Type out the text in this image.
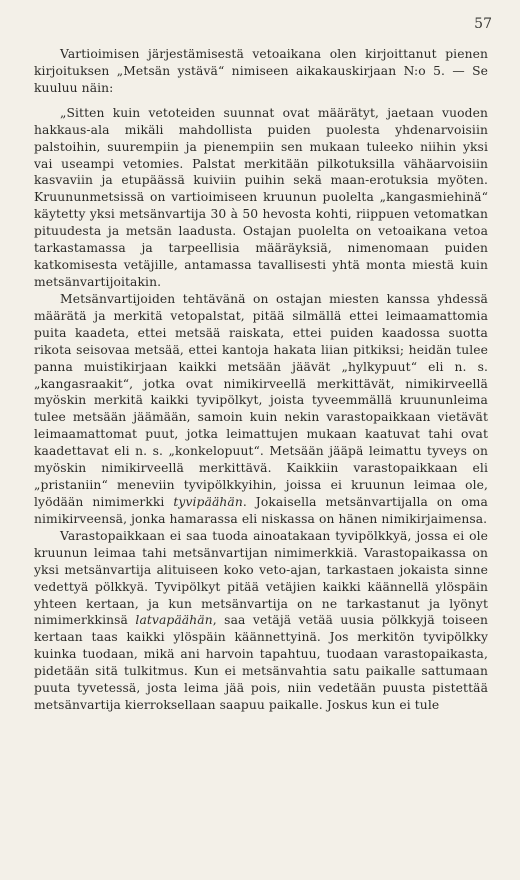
57

Vartioimisen järjestämisestä vetoaikana olen kirjoittanut pienen kirjoituksen „Metsän ystävä“ nimiseen aikakauskirjaan N:o 5. — Se kuuluu näin:

„Sitten kuin vetoteiden suunnat ovat määrätyt, jaetaan vuoden hakkaus-ala mikäli mahdollista puiden puolesta yhdenarvoisiin palstoihin, suurempiin ja pienempiin sen mukaan tuleeko niihin yksi vai useampi vetomies. Palstat merkitään pilkotuksilla vähäarvoisiin kasvaviin ja etupäässä kuiviin puihin sekä maan-erotuksia myöten. Kruununmetsissä on vartioimiseen kruunun puolelta „kangasmiehinä“ käytetty yksi metsänvartija 30 à 50 hevosta kohti, riippuen vetomatkan pituudesta ja metsän laadusta. Ostajan puolelta on vetoaikana vetoa tarkastamassa ja tarpeellisia määräyksiä, nimenomaan puiden katkomisesta vetäjille, antamassa tavallisesti yhtä monta miestä kuin metsänvartijoitakin.

Metsänvartijoiden tehtävänä on ostajan miesten kanssa yhdessä määrätä ja merkitä vetopalstat, pitää silmällä ettei leimaamattomia puita kaadeta, ettei metsää raiskata, ettei puiden kaadossa suotta rikota seisovaa metsää, ettei kantoja hakata liian pitkiksi; heidän tulee panna muistikirjaan kaikki metsään jäävät „hylkypuut“ eli n. s. „kangasraakit“, jotka ovat nimikirveellä merkittävät, nimikirveellä myöskin merkitä kaikki tyvipölkyt, joista tyveemmällä kruununleima tulee metsään jäämään, samoin kuin nekin varastopaikkaan vietävät leimaamattomat puut, jotka leimattujen mukaan kaatuvat tahi ovat kaadettavat eli n. s. „konkelopuut“. Metsään jääpä leimattu tyveys on myöskin nimikirveellä merkittävä. Kaikkiin varastopaikkaan eli „pristaniin“ meneviin tyvipölkkyihin, joissa ei kruunun leimaa ole, lyödään nimimerkki tyvipäähän. Jokaisella metsänvartijalla on oma nimikirveensä, jonka hamarassa eli niskassa on hänen nimikirjaimensa.

Varastopaikkaan ei saa tuoda ainoatakaan tyvipölkkyä, jossa ei ole kruunun leimaa tahi metsänvartijan nimimerkkiä. Varastopaikassa on yksi metsänvartija alituiseen koko veto-ajan, tarkastaen jokaista sinne vedettyä pölkkyä. Tyvipölkyt pitää vetäjien kaikki käännellä ylöspäin yhteen kertaan, ja kun metsänvartija on ne tarkastanut ja lyönyt nimimerkkinsä latvapäähän, saa vetäjä vetää uusia pölkkyjä toiseen kertaan taas kaikki ylöspäin käännettyinä. Jos merkitön tyvipölkky kuinka tuodaan, mikä ani harvoin tapahtuu, tuodaan varastopaikasta, pidetään sitä tulkitmus. Kun ei metsänvahtia satu paikalle sattumaan puuta tyvetessä, josta leima jää pois, niin vedetään puusta pistettää metsänvartija kierroksellaan saapuu paikalle. Joskus kun ei tule
